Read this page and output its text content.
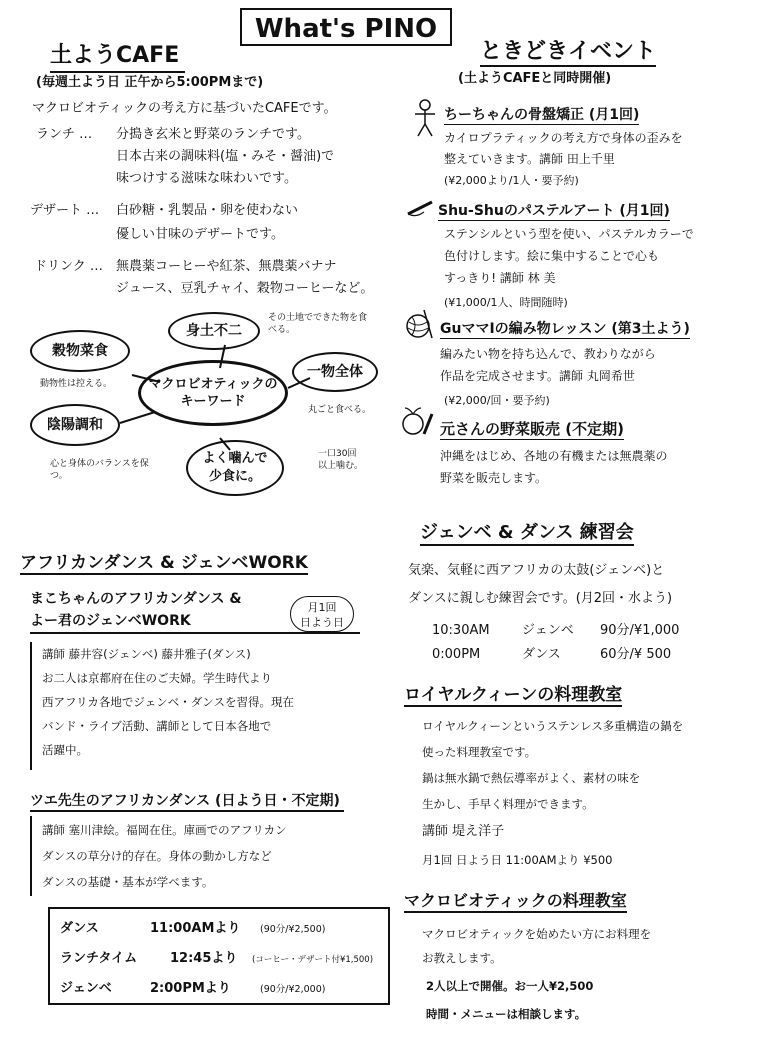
What's PINO
土ようCAFE
(毎週土よう日 正午から5:00PMまで)
マクロビオティックの考え方に基づいたCAFEです。
ランチ … 分搗き玄米と野菜のランチです。
日本古来の調味料(塩・みそ・醤油)で
味つけする滋味な味わいです。
デザート … 白砂糖・乳製品・卵を使わない
優しい甘味のデザートです。
ドリンク … 無農薬コーヒーや紅茶、無農薬バナナ
ジュース、豆乳チャイ、穀物コーヒーなど。
マクロビオティックの
キーワード
穀物菜食
身土不二
一物全体
陰陽調和
よく噛んで少食に。
動物性は控える。
その土地でできた物を食べる。
丸ごと食べる。
心と身体のバランスを保つ。
一口30回以上噛む。
ときどきイベント
(土ようCAFEと同時開催)
ちーちゃんの骨盤矯正 (月1回)
カイロプラティックの考え方で身体の歪みを
整えていきます。講師 田上千里
(¥2,000より/1人・要予約)
Shu-Shuのパステルアート (月1回)
ステンシルという型を使い、パステルカラーで
色付けします。絵に集中することで心も
すっきり! 講師 林 美
(¥1,000/1人、時間随時)
GuママIの編み物レッスン (第3土よう)
編みたい物を持ち込んで、教わりながら
作品を完成させます。講師 丸岡希世
(¥2,000/回・要予約)
元さんの野菜販売 (不定期)
沖縄をはじめ、各地の有機または無農薬の
野菜を販売します。
アフリカンダンス & ジェンベWORK
まこちゃんのアフリカンダンス &
よー君のジェンベWORK
月1回
日よう日
講師 藤井容(ジェンベ) 藤井雅子(ダンス)
お二人は京都府在住のご夫婦。学生時代より
西アフリカ各地でジェンベ・ダンスを習得。現在
バンド・ライブ活動、講師として日本各地で
活躍中。
ツエ先生のアフリカンダンス (日よう日・不定期)
講師 塞川津絵。福岡在住。庫画でのアフリカン
ダンスの草分け的存在。身体の動かし方など
ダンスの基礎・基本が学べます。
ダンス	11:00AMより (90分/¥2,500)
ランチタイム	12:45より (コーヒー・デザート付¥1,500)
ジェンベ	2:00PMより	(90分/¥2,000)
ジェンベ & ダンス 練習会
気楽、気軽に西アフリカの太鼓(ジェンベ)と
ダンスに親しむ練習会です。(月2回・水よう)
10:30AM ジェンベ 90分/¥1,000
0:00PM	ダンス	60分/¥ 500
ロイヤルクィーンの料理教室
ロイヤルクィーンというステンレス多重構造の鍋を
使った料理教室です。
鍋は無水鍋で熱伝導率がよく、素材の味を
生かし、手早く料理ができます。
講師 堤え洋子
月1回 日よう日 11:00AMより ¥500
マクロビオティックの料理教室
マクロビオティックを始めたい方にお料理を
お教えします。
2人以上で開催。お一人¥2,500
時間・メニューは相談します。
